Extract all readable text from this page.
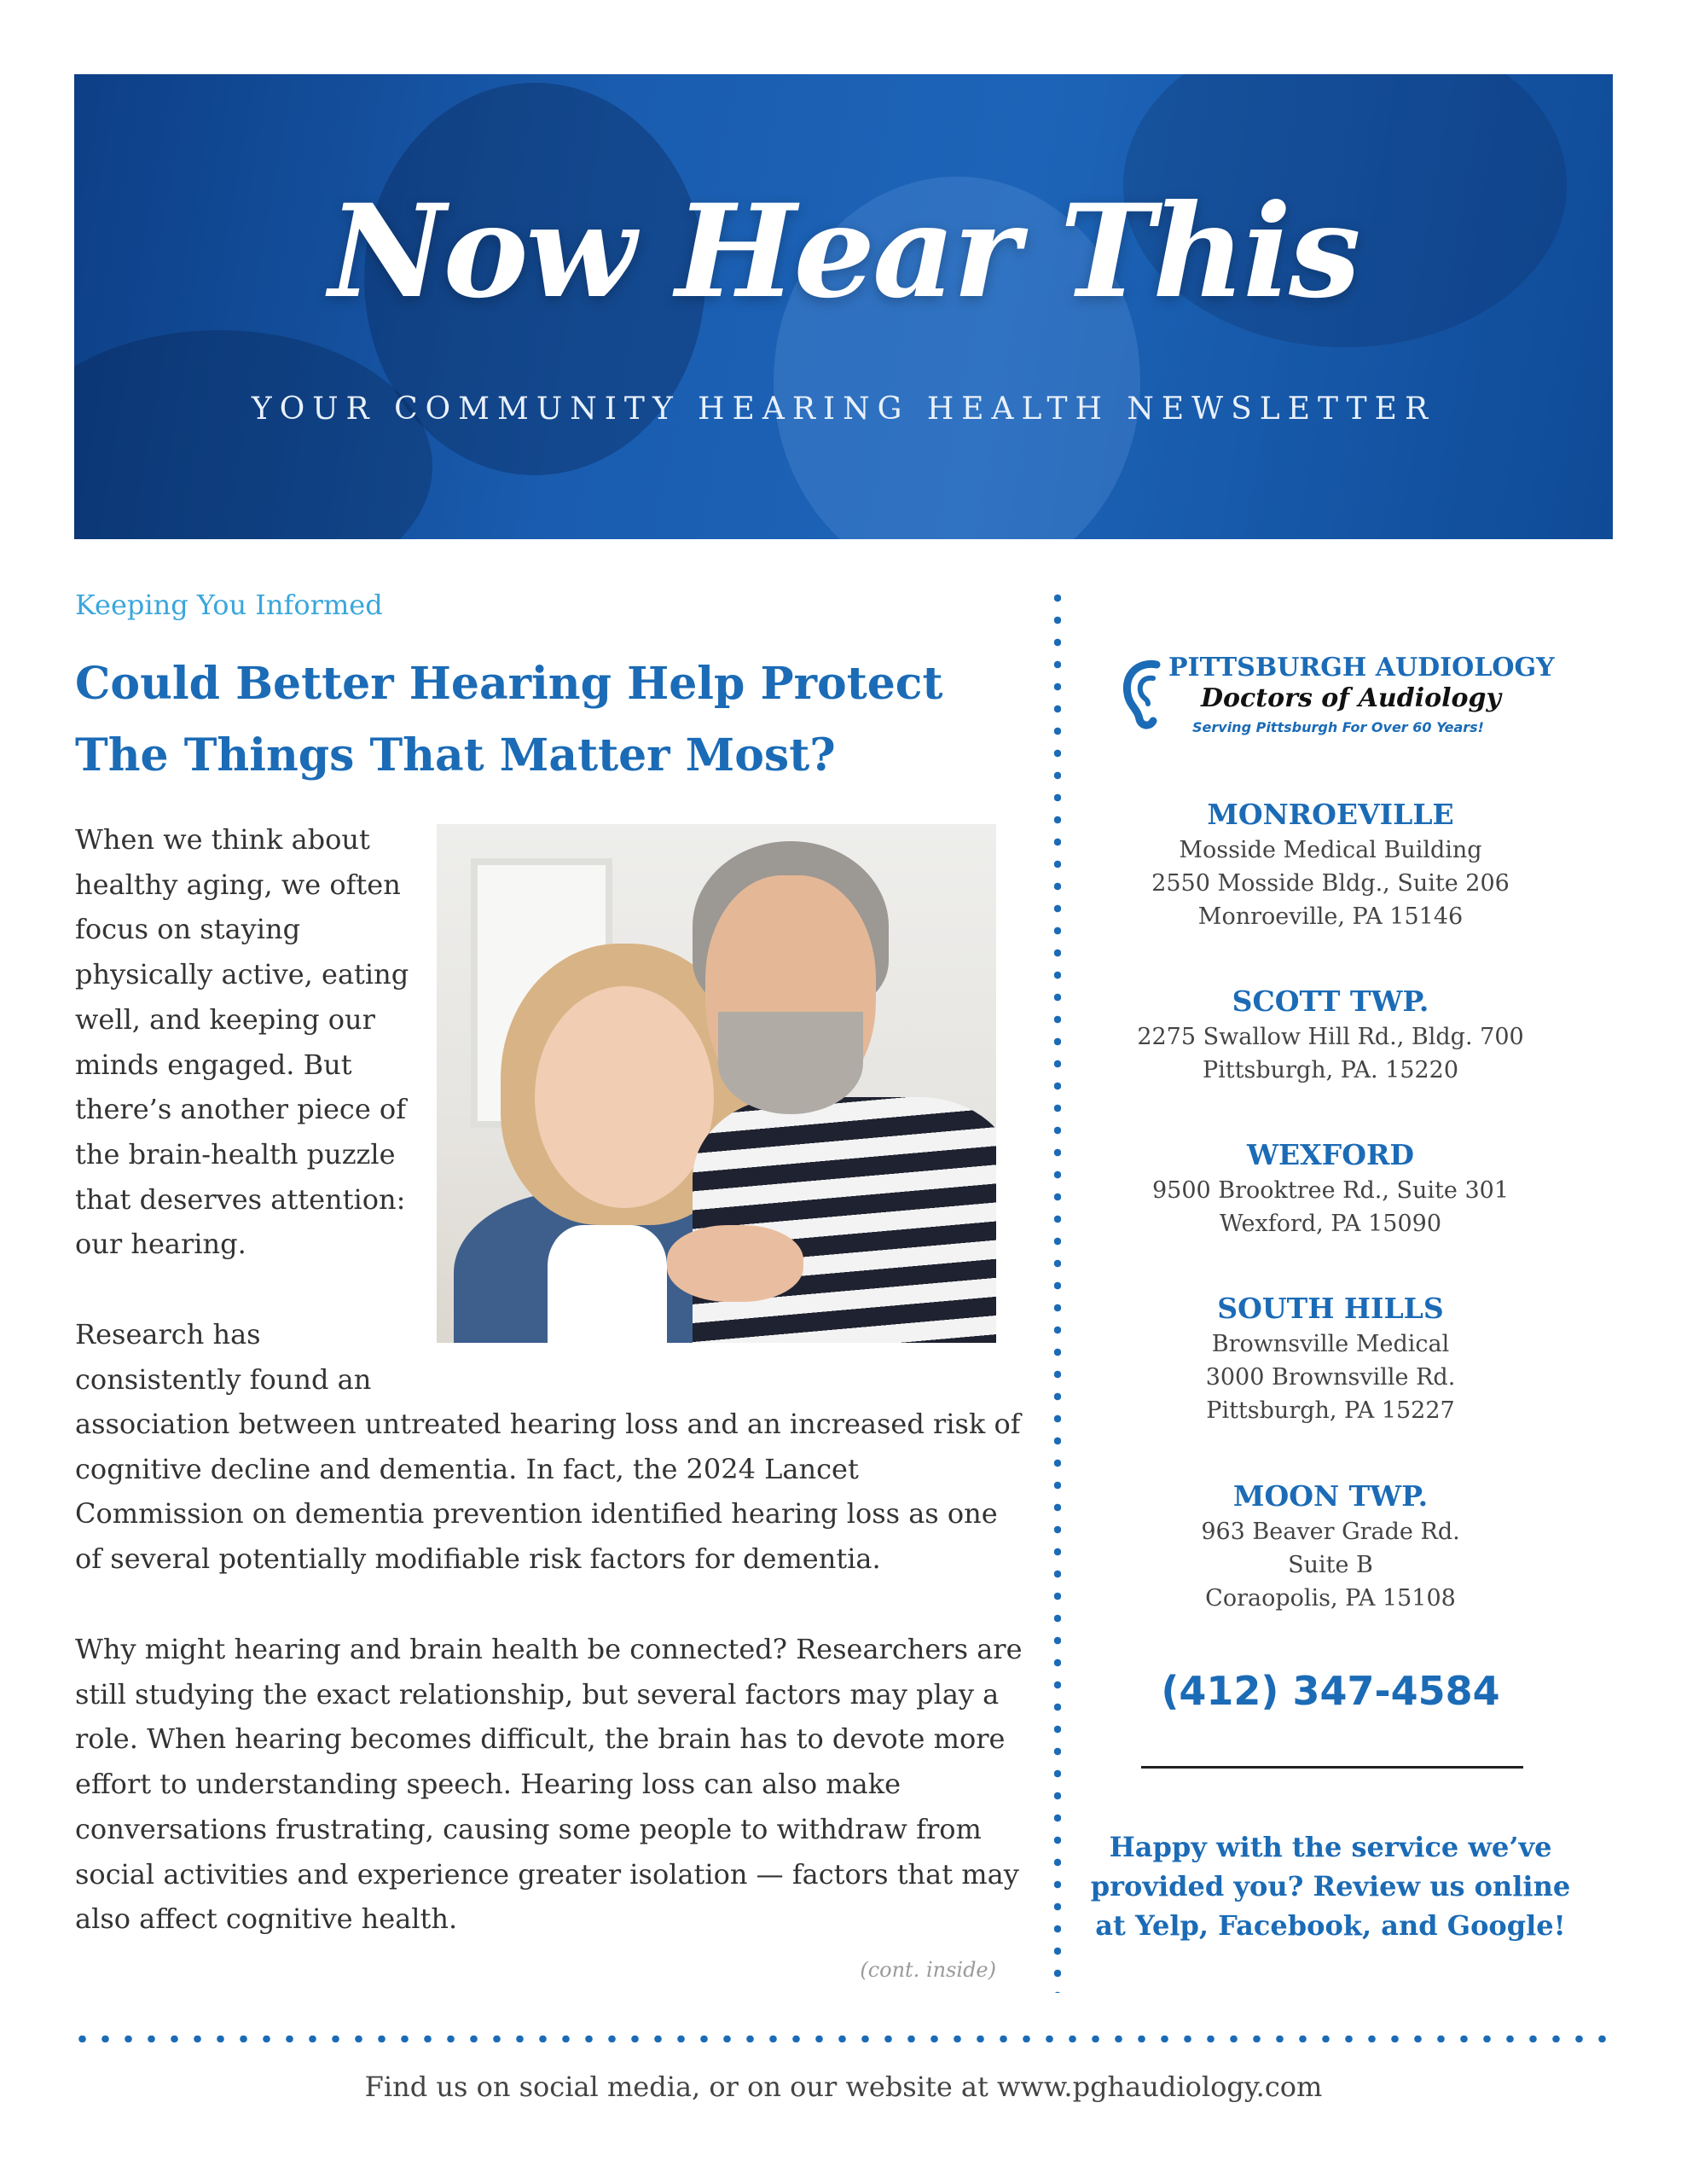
Now Hear This
YOUR COMMUNITY HEARING HEALTH NEWSLETTER
Keeping You Informed
Could Better Hearing Help Protect The Things That Matter Most?
When we think about healthy aging, we often focus on staying physically active, eating well, and keeping our minds engaged. But there’s another piece of the brain-health puzzle that deserves attention: our hearing.
Research has consistently found an
association between untreated hearing loss and an increased risk of cognitive decline and dementia. In fact, the 2024 Lancet Commission on dementia prevention identified hearing loss as one of several potentially modifiable risk factors for dementia.
Why might hearing and brain health be connected? Researchers are still studying the exact relationship, but several factors may play a role. When hearing becomes difficult, the brain has to devote more effort to understanding speech. Hearing loss can also make conversations frustrating, causing some people to withdraw from social activities and experience greater isolation — factors that may also affect cognitive health.
(cont. inside)
PITTSBURGH AUDIOLOGY
Doctors of Audiology
Serving Pittsburgh For Over 60 Years!
MONROEVILLE
Mosside Medical Building
2550 Mosside Bldg., Suite 206
Monroeville, PA 15146
SCOTT TWP.
2275 Swallow Hill Rd., Bldg. 700
Pittsburgh, PA. 15220
WEXFORD
9500 Brooktree Rd., Suite 301
Wexford, PA 15090
SOUTH HILLS
Brownsville Medical
3000 Brownsville Rd.
Pittsburgh, PA 15227
MOON TWP.
963 Beaver Grade Rd.
Suite B
Coraopolis, PA 15108
(412) 347-4584
Happy with the service we’ve provided you? Review us online at Yelp, Facebook, and Google!
Find us on social media, or on our website at www.pghaudiology.com
